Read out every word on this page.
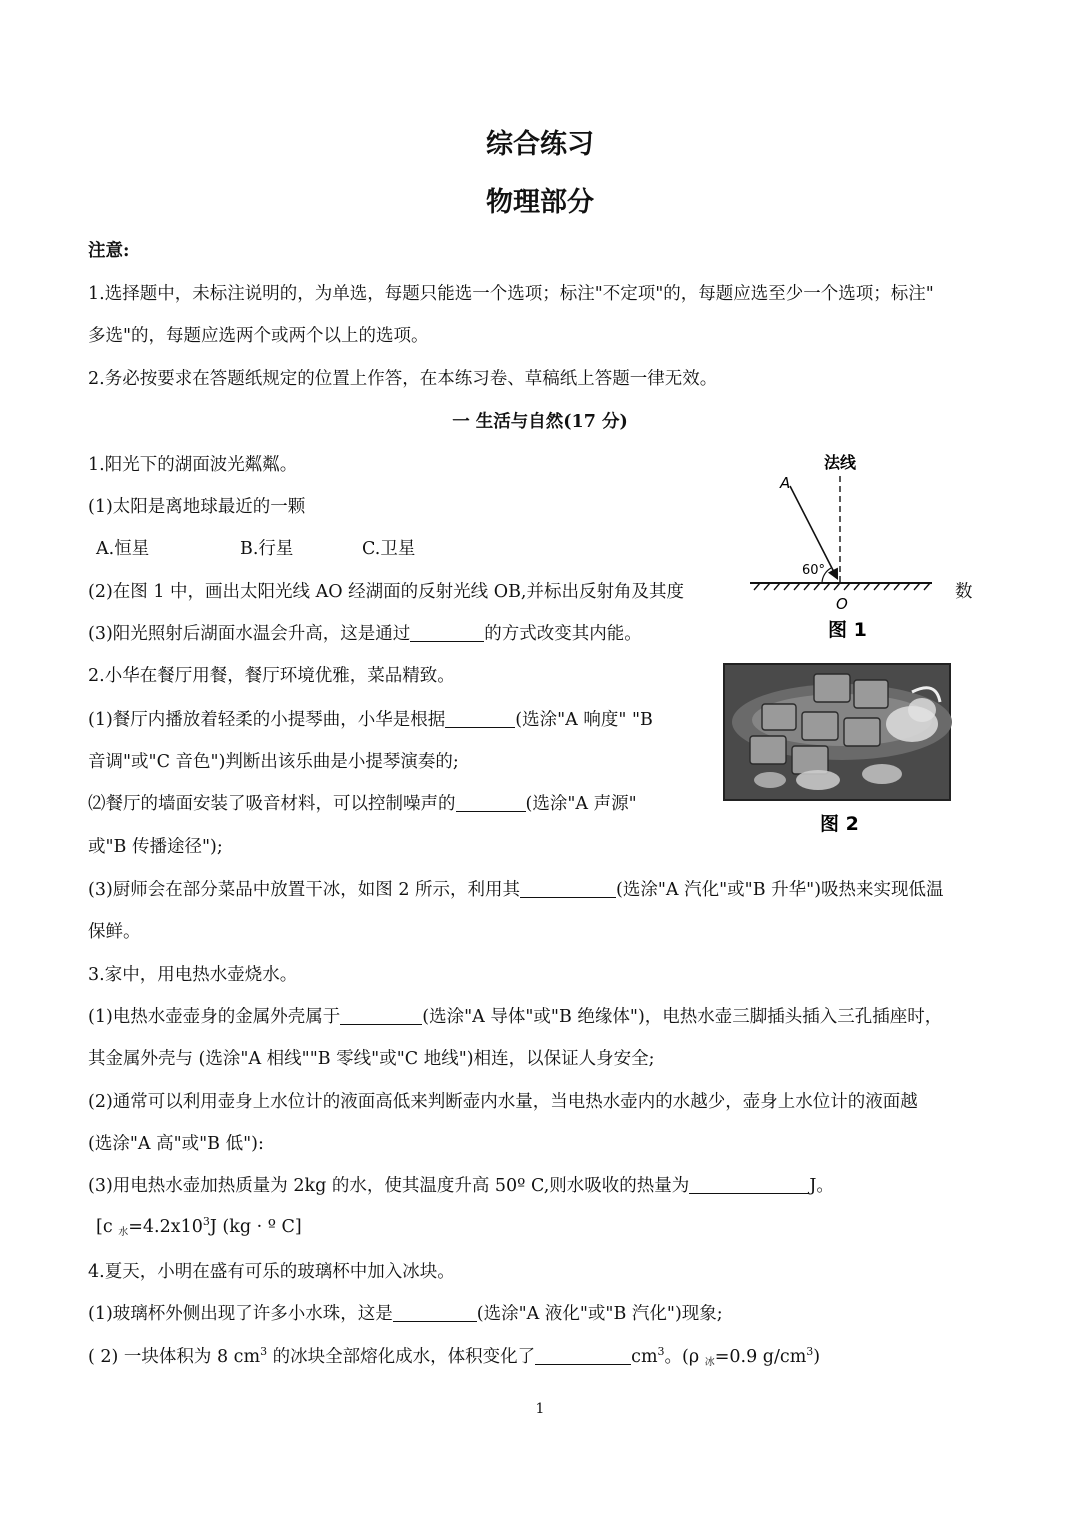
综合练习
物理部分
注意:
1.选择题中，未标注说明的，为单选，每题只能选一个选项；标注"不定项"的，每题应选至少一个选项；标注"
多选"的，每题应选两个或两个以上的选项。
2.务必按要求在答题纸规定的位置上作答，在本练习卷、草稿纸上答题一律无效。
一 生活与自然(17 分)
1.阳光下的湖面波光粼粼。
(1)太阳是离地球最近的一颗
A.恒星	B.行星	C.卫星
(2)在图 1 中，画出太阳光线 AO 经湖面的反射光线 OB,并标出反射角及其度	数
(3)阳光照射后湖面水温会升高，这是通过	的方式改变其内能。
法线
A
60°
O
图 1
2.小华在餐厅用餐，餐厅环境优雅，菜品精致。
(1)餐厅内播放着轻柔的小提琴曲，小华是根据	(选涂"A 响度" "B
音调"或"C 音色")判断出该乐曲是小提琴演奏的;
⑵餐厅的墙面安装了吸音材料，可以控制噪声的	(选涂"A 声源"
或"B 传播途径");
(3)厨师会在部分菜品中放置干冰，如图 2 所示，利用其	(选涂"A 汽化"或"B 升华")吸热来实现低温
保鲜。
图 2
3.家中，用电热水壶烧水。
(1)电热水壶壶身的金属外壳属于	(选涂"A 导体"或"B 绝缘体")，电热水壶三脚插头插入三孔插座时，
其金属外壳与 (选涂"A 相线""B 零线"或"C 地线")相连，以保证人身安全;
(2)通常可以利用壶身上水位计的液面高低来判断壶内水量，当电热水壶内的水越少，壶身上水位计的液面越
(选涂"A 高"或"B 低"):
(3)用电热水壶加热质量为 2kg 的水，使其温度升高 50º C,则水吸收的热量为	J。
[c $_水=4.2x10^3J$ (kg · º C]
4.夏天，小明在盛有可乐的玻璃杯中加入冰块。
(1)玻璃杯外侧出现了许多小水珠，这是	(选涂"A 液化"或"B 汽化")现象;
( 2) 一块体积为 8 $cm^3$ 的冰块全部熔化成水，体积变化了	$cm^3$。(ρ $_冰$=0.9 $g/cm^3$)
1
